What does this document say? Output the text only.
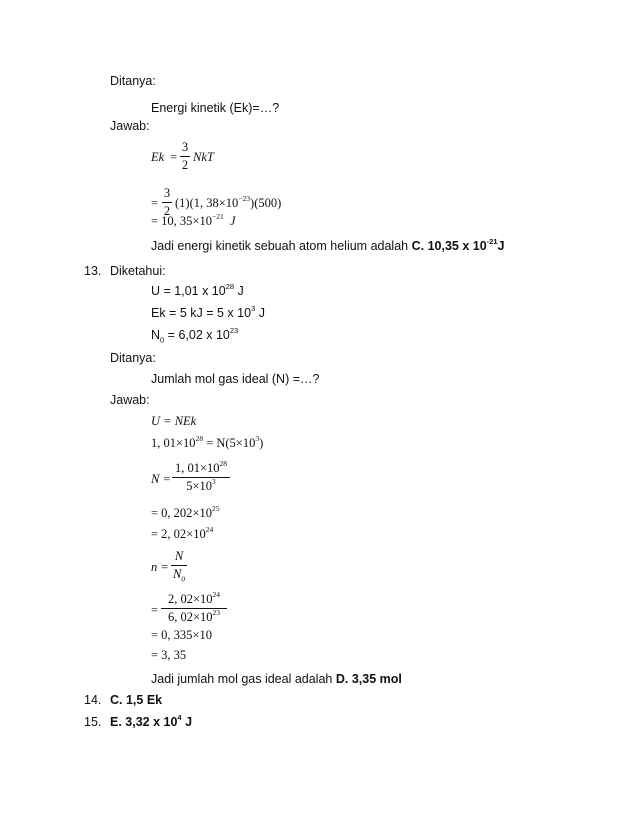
Ditanya:
Energi kinetik (Ek)=…?
Jawab:
Ek =
3
2
NkT
=
3
2
(1)(1, $38\times 10^{-23})(500)$
= 10, $35\times 10^{-21}$ J
Jadi energi kinetik sebuah atom helium adalah C. 10,35 x $10^{-21}J$
13. Diketahui:
U = 1,01 x $10^{28}$ J
Ek = 5 kJ = 5 x $10^3$ J
$N_0 = 6,02$ x $10^{23}$
Ditanya:
Jumlah mol gas ideal (N) =…?
Jawab:
U = NEk
1, $01\times 10^{28} = N(5\times 10^3)$
N =
1, $01\times 10^{28}$
$5\times 10^3$
= 0, $202\times 10^{25}$
= 2, $02\times 10^{24}$
n =
N
$N_0$
=
2, $02\times 10^{24}$
6, $02\times 10^{23}$
= 0, 335×10
= 3, 35
Jadi jumlah mol gas ideal adalah D. 3,35 mol
14. C. 1,5 Ek
15. E. 3,32 x $10^4$ J
